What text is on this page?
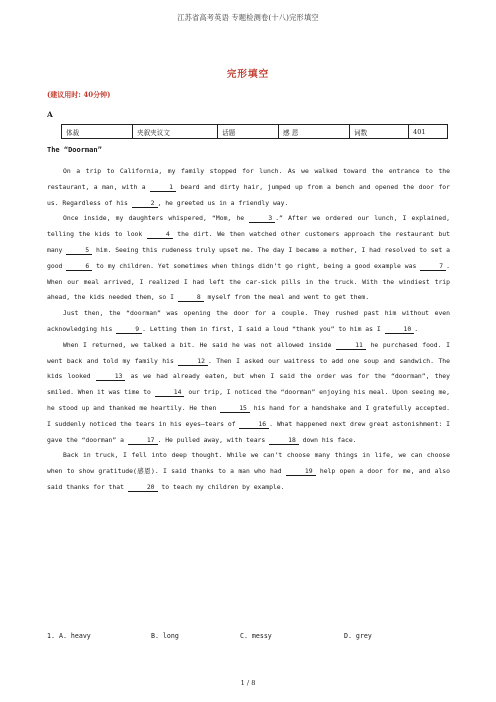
江苏省高考英语 专题检测卷(十八)完形填空
完形填空
(建议用时: 40分钟)
A
体裁	夹叙夹议文	话题	感 恩	词数	401
The “Doorman”

On a trip to California, my family stopped for lunch. As we walked toward the entrance to the restaurant, a man, with a	1 beard and dirty hair, jumped up from a bench and opened the door for us. Regardless of his	2 , he greeted us in a friendly way.

Once inside, my daughters whispered, “Mom, he	3 .” After we ordered our lunch, I explained, telling the kids to look	4 the dirt. We then watched other customers approach the restaurant but many	5 him. Seeing this rudeness truly upset me. The day I became a mother, I had resolved to set a good	6 to my children. Yet sometimes when things didn’t go right, being a good example was	7 . When our meal arrived, I realized I had left the car-sick pills in the truck. With the windiest trip ahead, the kids needed them, so I	8 myself from the meal and went to get them.

Just then, the “doorman” was opening the door for a couple. They rushed past him without even acknowledging his	9 . Letting them in first, I said a loud “thank you” to him as I	10 .

When I returned, we talked a bit. He said he was not allowed inside	11 he purchased food. I went back and told my family his	12 . Then I asked our waitress to add one soup and sandwich. The kids looked	13 as we had already eaten, but when I said the order was for the “doorman”, they smiled. When it was time to	14 our trip, I noticed the “doorman” enjoying his meal. Upon seeing me, he stood up and thanked me heartily. He then	15 his hand for a handshake and I gratefully accepted. I suddenly noticed the tears in his eyes—tears of	16 . What happened next drew great astonishment: I gave the “doorman” a	17 . He pulled away, with tears	18 down his face.

Back in truck, I fell into deep thought. While we can’t choose many things in life, we can choose when to show gratitude(感恩). I said thanks to a man who had	19 help open a door for me, and also said thanks for that	20 to teach my children by example.

1. A. heavy	B. long	C. messy	D. grey
1 / 8
